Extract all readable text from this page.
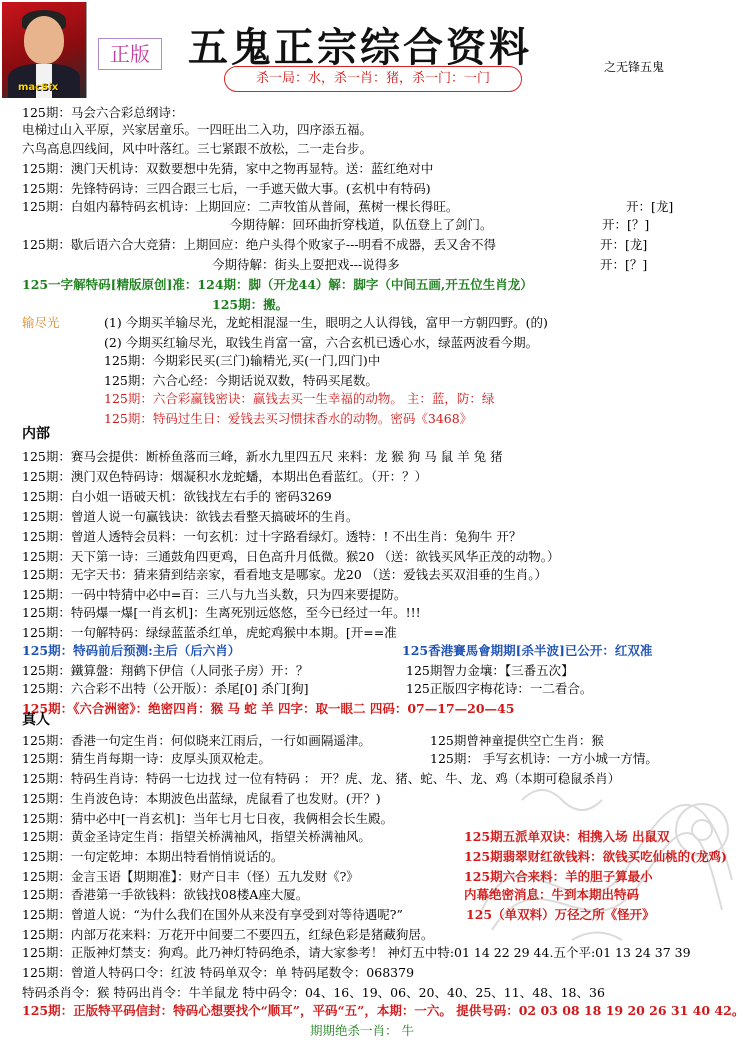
macSix
正版 五鬼正宗综合资料	之无锋五鬼
杀一局：水，杀一肖：猪，杀一门：一门
125期：马会六合彩总纲诗：
电梯过山入平原，兴家居童乐。一四旺出二入功，四序添五福。
六鸟高息四线间，风中叶落红。三七紧跟不放松，二一走台步。
125期：澳门天机诗：双数要想中先猜，家中之物再显特。送：蓝红绝对中
125期：先锋特码诗：三四合跟三七后，一手遮天做大事。(玄机中有特码)
125期：白姐内幕特码玄机诗：上期回应：二声牧笛从普闹，蕉树一棵长得旺。	开：[龙]
今期待解：回环曲折穿栈道，队伍登上了剑门。	开：[？]
125期：歇后语六合大竞猜：上期回应：绝户头得个败家子---明看不成器，丢又舍不得	开：[龙]
今期待解：街头上耍把戏---说得多	开：[？]
125一字解特码[精版原创]准：124期：脚（开龙44）解：脚字（中间五画,开五位生肖龙）
125期：搬。
输尽光	(1) 今期买羊输尽光，龙蛇相混湿一生，眼明之人认得钱，富甲一方朝四野。(的)
(2) 今期买红输尽光，取钱生肖富一富，六合玄机已透心水，绿蓝两波看今期。
125期：今期彩民买(三门)输精光,买(一门,四门)中
125期：六合心经：今期话说双数，特码买尾数。
125期：六合彩赢钱密诀：赢钱去买一生幸福的动物。 主：蓝，防：绿
125期：特码过生日：爱钱去买习惯抹香水的动物。密码《3468》
内部
125期：赛马会提供：断桥鱼落而三峰，新水九里四五尺 来料：龙 猴 狗 马 鼠 羊 兔 猪
125期：澳门双色特码诗：烟凝积水龙蛇蟠，本期出色看蓝红。（开：？）
125期：白小姐一语破天机：欲钱找左右手的 密码3269
125期：曾道人说一句赢钱诀：欲钱去看整天搞破坏的生肖。
125期：曾道人透特会员料：一句玄机：过十字路看绿灯。透特：! 不出生肖：兔狗牛 开？
125期：天下第一诗：三通鼓角四更鸡，日色高升月低微。猴20 （送：欲钱买风华正茂的动物。）
125期：无字天书：猜来猜到结亲家，看看地支是哪家。龙20 （送：爱钱去买双泪垂的生肖。）
125期：一码中特猜中必中=百：三八与九当头数，只为四来要提防。
125期：特码爆一爆[一肖玄机]：生离死别远悠悠，至今已经过一年。!!!
125期：一句解特码：绿绿蓝蓝杀红单，虎蛇鸡猴中本期。[开==准
125期：特码前后预测:主后（后六肖）	125香港賽馬會期期[杀半波]已公开：红双准
125期：鐵算盤：翔鹤下伊信（人同张子房）开：？	125期智力金壤：【三番五次】
125期：六合彩不出特（公开版）：杀尾[0] 杀门[狗]	125正版四字梅花诗：一二看合。
125期：《六合洲密》：绝密四肖：猴 马 蛇 羊 四字：取一眼二 四码：07—17—20—45
真人
125期：香港一句定生肖：何似晓来江雨后，一行如画隔遥津。	125期曾神童提供空亡生肖：猴
125期：猜生肖每期一诗：皮厚头顶双枪走。	125期： 手写玄机诗：一方小城一方情。
125期：特码生肖诗：特码一七边找 过一位有特码 ： 开？虎、龙、猪、蛇、牛、龙、鸡（本期可稳鼠杀肖）
125期：生肖波色诗：本期波色出蓝绿，虎鼠看了也发财。(开？)
125期：猜中必中[一肖玄机]：当年七月七日夜，我俩相会长生殿。
125期：黄金圣诗定生肖：指望关桥满袖风，指望关桥满袖风。	125期五派单双诀：相携入场 出鼠双
125期：一句定乾坤：本期出特看悄悄说话的。	125期翡翠财红欲钱料：欲钱买吃仙桃的(龙鸡)
125期：金言玉语【期期准】：财产日丰（怪）五九发财《?》	125期六合来料：羊的胆子算最小
125期：香港第一手欲钱料：欲钱找08楼A座大厦。	内幕绝密消息：牛到本期出特码
125期：曾道人说：“为什么我们在国外从来没有享受到对等待遇呢?”	125（单双料）万径之所《怪开》
125期：内部万花来料：万花开中间要二不要四五，红绿色彩是猪藏狗居。
125期：正版神灯禁支：狗鸡。此乃神灯特码绝杀，请大家参考！ 神灯五中特:01 14 22 29 44.五个平:01 13 24 37 39
125期：曾道人特码口令：红波 特码单双令：单 特码尾数令：068379
特码杀肖令：猴 特码出肖令：牛羊鼠龙 特中码令：04、16、19、06、20、40、25、11、48、18、36
125期：正版特平码信封：特码心想要找个“顺耳”，平码“五”，本期：一六。 提供号码：02 03 08 18 19 20 26 31 40 42。
期期绝杀一肖： 牛
